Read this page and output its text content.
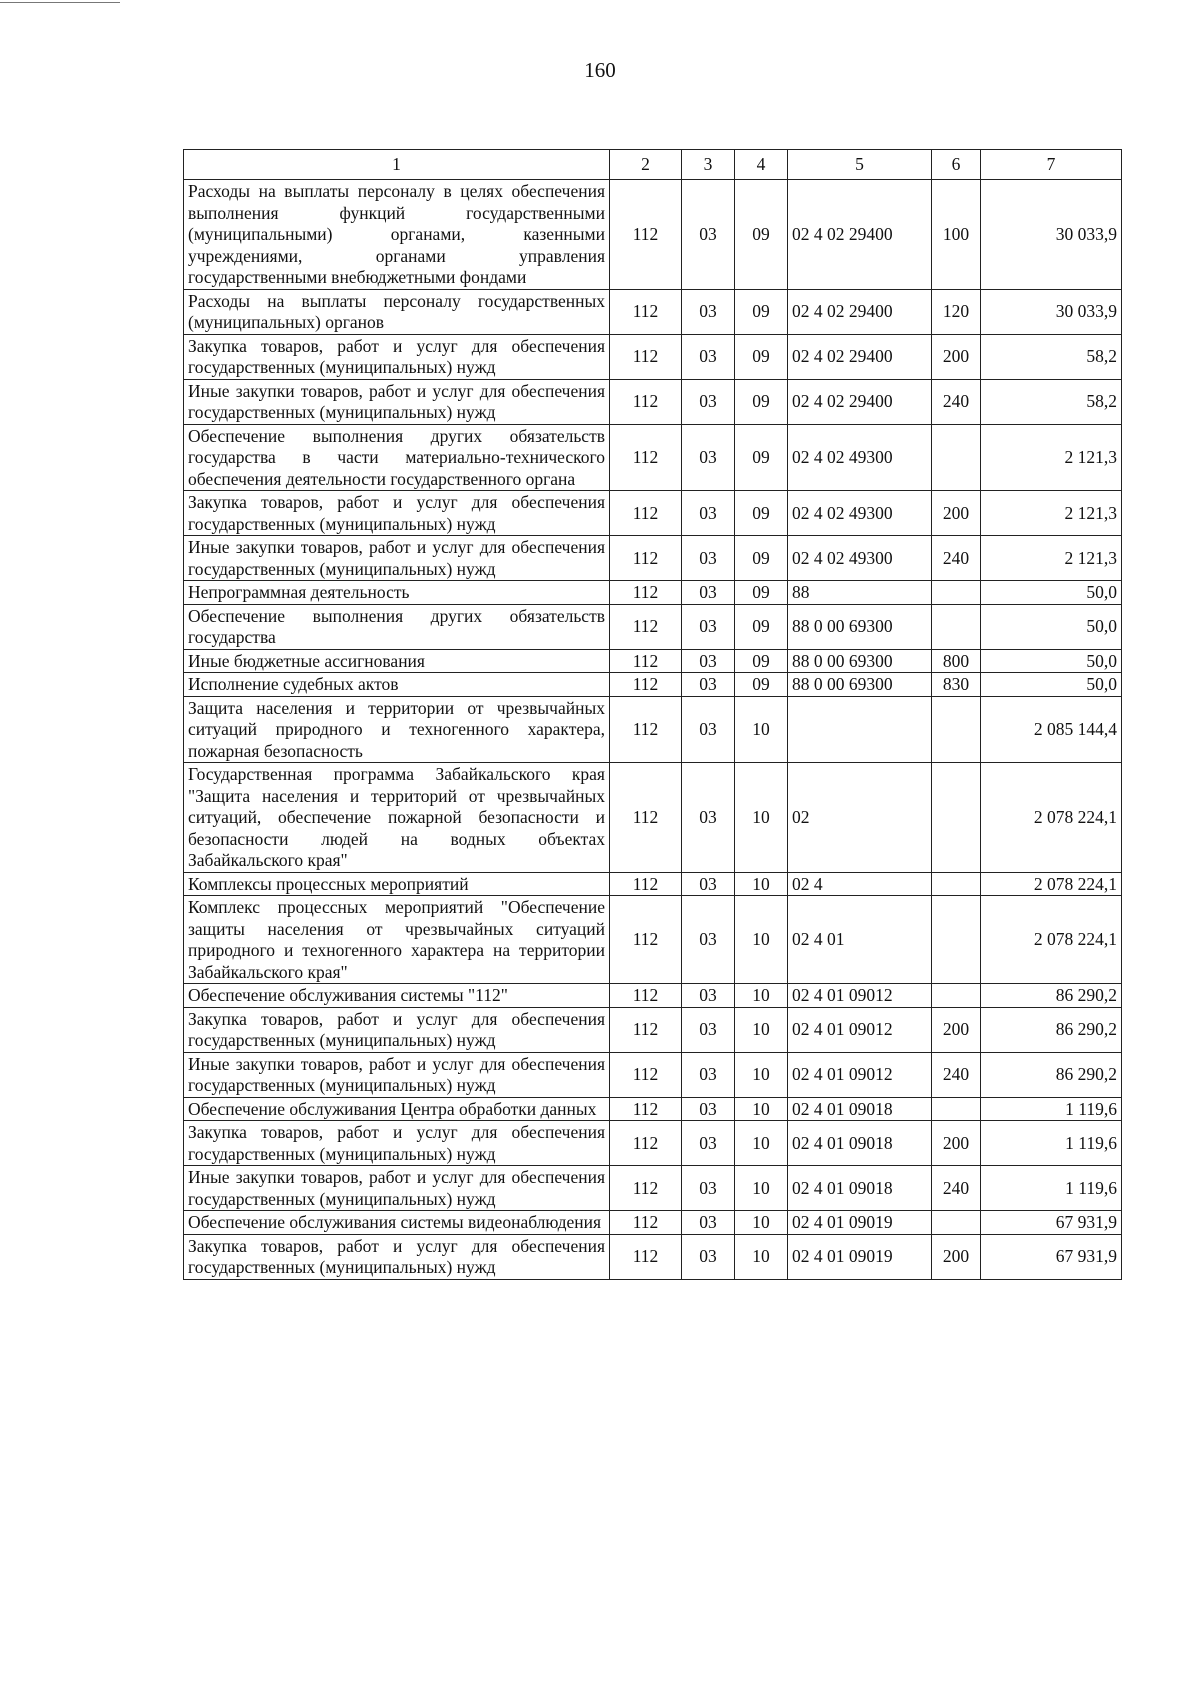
160
1	2	3	4	5	6	7
Расходы на выплаты персоналу в целях обеспечения выполнения функций государственными (муниципальными) органами, казенными учреждениями, органами управления государственными внебюджетными фондами	112	03	09	02 4 02 29400	100	30 033,9
Расходы на выплаты персоналу государственных (муниципальных) органов	112	03	09	02 4 02 29400	120	30 033,9
Закупка товаров, работ и услуг для обеспечения государственных (муниципальных) нужд	112	03	09	02 4 02 29400	200	58,2
Иные закупки товаров, работ и услуг для обеспечения государственных (муниципальных) нужд	112	03	09	02 4 02 29400	240	58,2
Обеспечение выполнения других обязательств государства в части материально-технического обеспечения деятельности государственного органа	112	03	09	02 4 02 49300		2 121,3
Закупка товаров, работ и услуг для обеспечения государственных (муниципальных) нужд	112	03	09	02 4 02 49300	200	2 121,3
Иные закупки товаров, работ и услуг для обеспечения государственных (муниципальных) нужд	112	03	09	02 4 02 49300	240	2 121,3
Непрограммная деятельность	112	03	09	88		50,0
Обеспечение выполнения других обязательств государства	112	03	09	88 0 00 69300		50,0
Иные бюджетные ассигнования	112	03	09	88 0 00 69300	800	50,0
Исполнение судебных актов	112	03	09	88 0 00 69300	830	50,0
Защита населения и территории от чрезвычайных ситуаций природного и техногенного характера, пожарная безопасность	112	03	10			2 085 144,4
Государственная программа Забайкальского края "Защита населения и территорий от чрезвычайных ситуаций, обеспечение пожарной безопасности и безопасности людей на водных объектах Забайкальского края"	112	03	10	02		2 078 224,1
Комплексы процессных мероприятий	112	03	10	02 4		2 078 224,1
Комплекс процессных мероприятий "Обеспечение защиты населения от чрезвычайных ситуаций природного и техногенного характера на территории Забайкальского края"	112	03	10	02 4 01		2 078 224,1
Обеспечение обслуживания системы "112"	112	03	10	02 4 01 09012		86 290,2
Закупка товаров, работ и услуг для обеспечения государственных (муниципальных) нужд	112	03	10	02 4 01 09012	200	86 290,2
Иные закупки товаров, работ и услуг для обеспечения государственных (муниципальных) нужд	112	03	10	02 4 01 09012	240	86 290,2
Обеспечение обслуживания Центра обработки данных	112	03	10	02 4 01 09018		1 119,6
Закупка товаров, работ и услуг для обеспечения государственных (муниципальных) нужд	112	03	10	02 4 01 09018	200	1 119,6
Иные закупки товаров, работ и услуг для обеспечения государственных (муниципальных) нужд	112	03	10	02 4 01 09018	240	1 119,6
Обеспечение обслуживания системы видеонаблюдения	112	03	10	02 4 01 09019		67 931,9
Закупка товаров, работ и услуг для обеспечения государственных (муниципальных) нужд	112	03	10	02 4 01 09019	200	67 931,9
